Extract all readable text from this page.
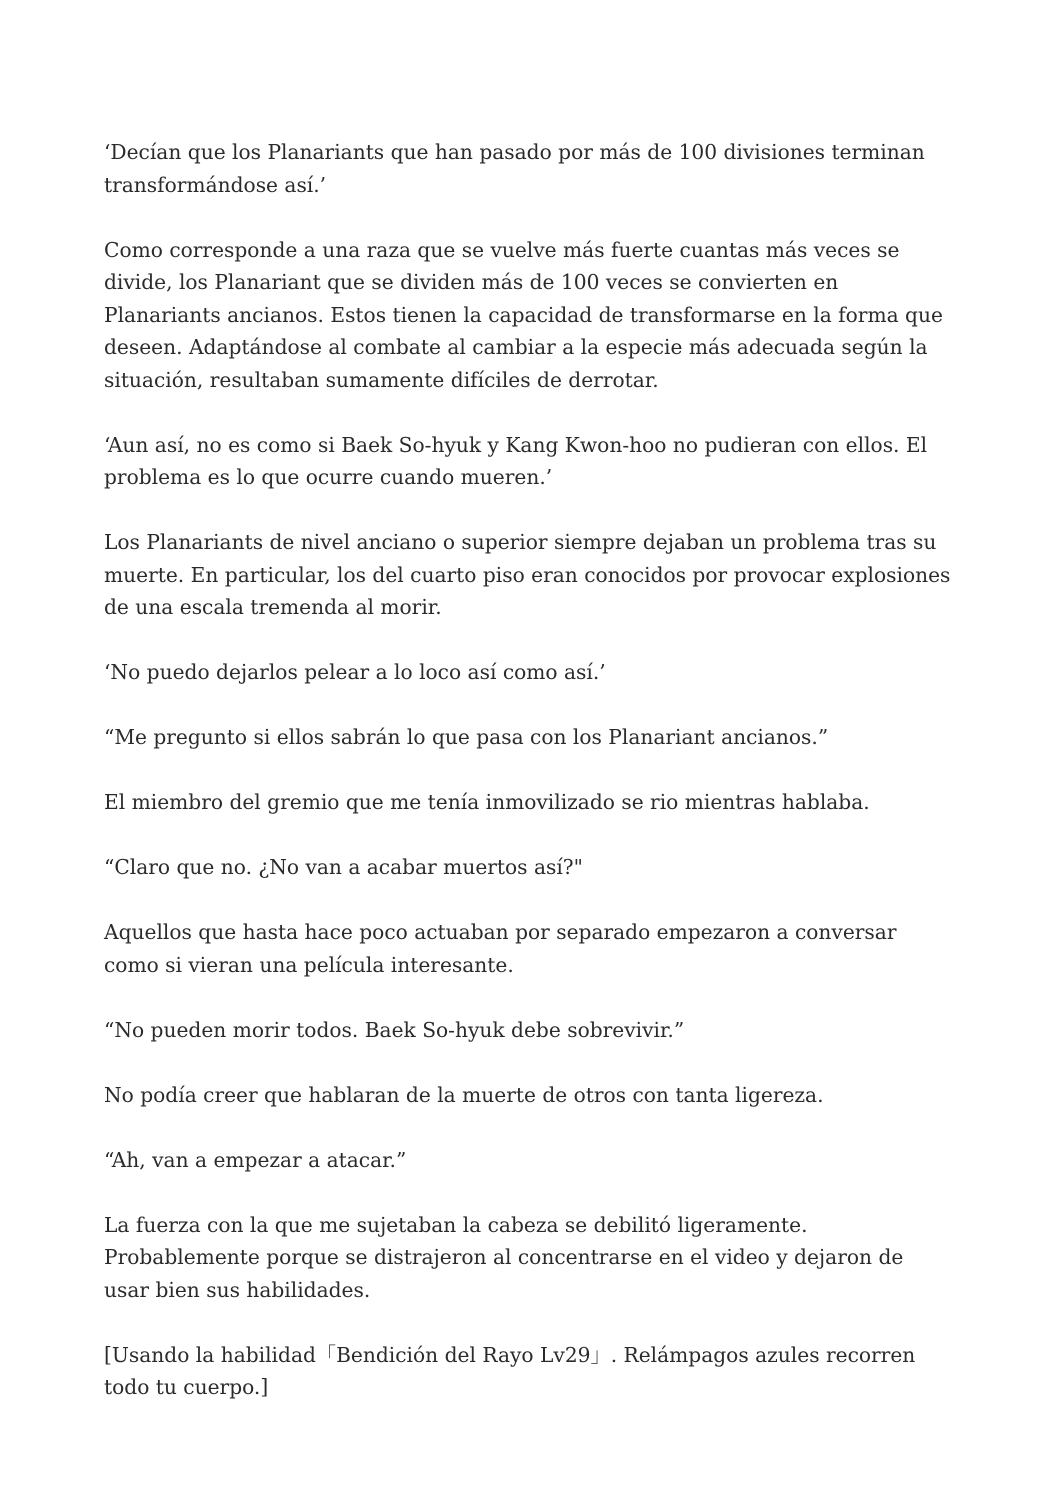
‘Decían que los Planariants que han pasado por más de 100 divisiones terminan transformándose así.’

Como corresponde a una raza que se vuelve más fuerte cuantas más veces se divide, los Planariant que se dividen más de 100 veces se convierten en Planariants ancianos. Estos tienen la capacidad de transformarse en la forma que deseen. Adaptándose al combate al cambiar a la especie más adecuada según la situación, resultaban sumamente difíciles de derrotar.

‘Aun así, no es como si Baek So-hyuk y Kang Kwon-hoo no pudieran con ellos. El problema es lo que ocurre cuando mueren.’

Los Planariants de nivel anciano o superior siempre dejaban un problema tras su muerte. En particular, los del cuarto piso eran conocidos por provocar explosiones de una escala tremenda al morir.

‘No puedo dejarlos pelear a lo loco así como así.’

“Me pregunto si ellos sabrán lo que pasa con los Planariant ancianos.”

El miembro del gremio que me tenía inmovilizado se rio mientras hablaba.

“Claro que no. ¿No van a acabar muertos así?"

Aquellos que hasta hace poco actuaban por separado empezaron a conversar como si vieran una película interesante.

“No pueden morir todos. Baek So-hyuk debe sobrevivir.”

No podía creer que hablaran de la muerte de otros con tanta ligereza.

“Ah, van a empezar a atacar.”

La fuerza con la que me sujetaban la cabeza se debilitó ligeramente. Probablemente porque se distrajeron al concentrarse en el video y dejaron de usar bien sus habilidades.

[Usando la habilidad「Bendición del Rayo Lv29」. Relámpagos azules recorren todo tu cuerpo.]
